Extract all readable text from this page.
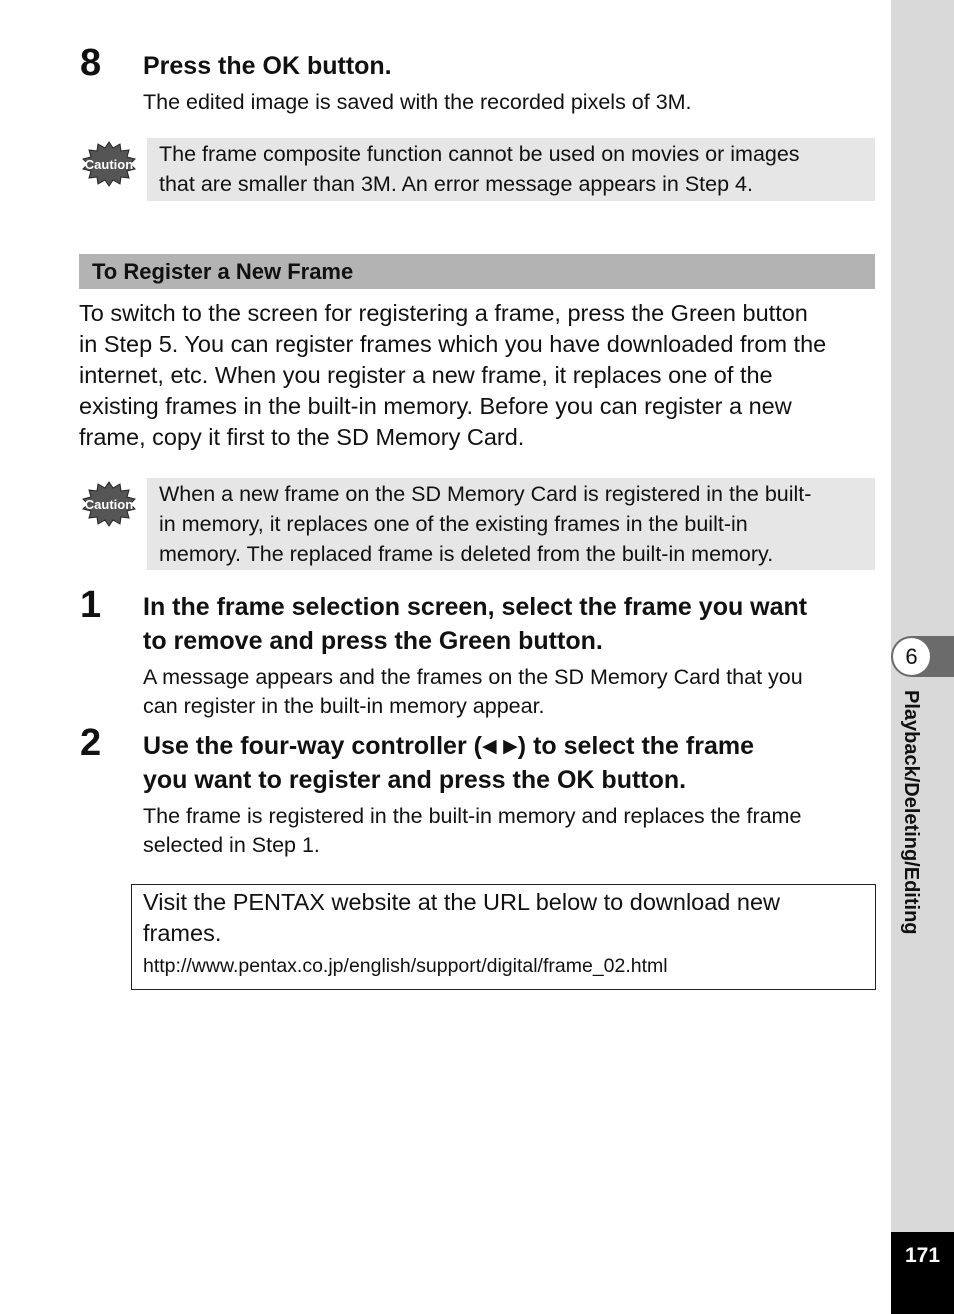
8 Press the OK button.
The edited image is saved with the recorded pixels of 3M.
Caution The frame composite function cannot be used on movies or images
that are smaller than 3M. An error message appears in Step 4.
To Register a New Frame
To switch to the screen for registering a frame, press the Green button
in Step 5. You can register frames which you have downloaded from the
internet, etc. When you register a new frame, it replaces one of the
existing frames in the built-in memory. Before you can register a new
frame, copy it first to the SD Memory Card.
Caution When a new frame on the SD Memory Card is registered in the built-
in memory, it replaces one of the existing frames in the built-in
memory. The replaced frame is deleted from the built-in memory.
1 In the frame selection screen, select the frame you want
to remove and press the Green button.
A message appears and the frames on the SD Memory Card that you
can register in the built-in memory appear.
2 Use the four-way controller (◀ ▶) to select the frame
you want to register and press the OK button.
The frame is registered in the built-in memory and replaces the frame
selected in Step 1.
Visit the PENTAX website at the URL below to download new
frames.
http://www.pentax.co.jp/english/support/digital/frame_02.html
6
Playback/Deleting/Editing
171
